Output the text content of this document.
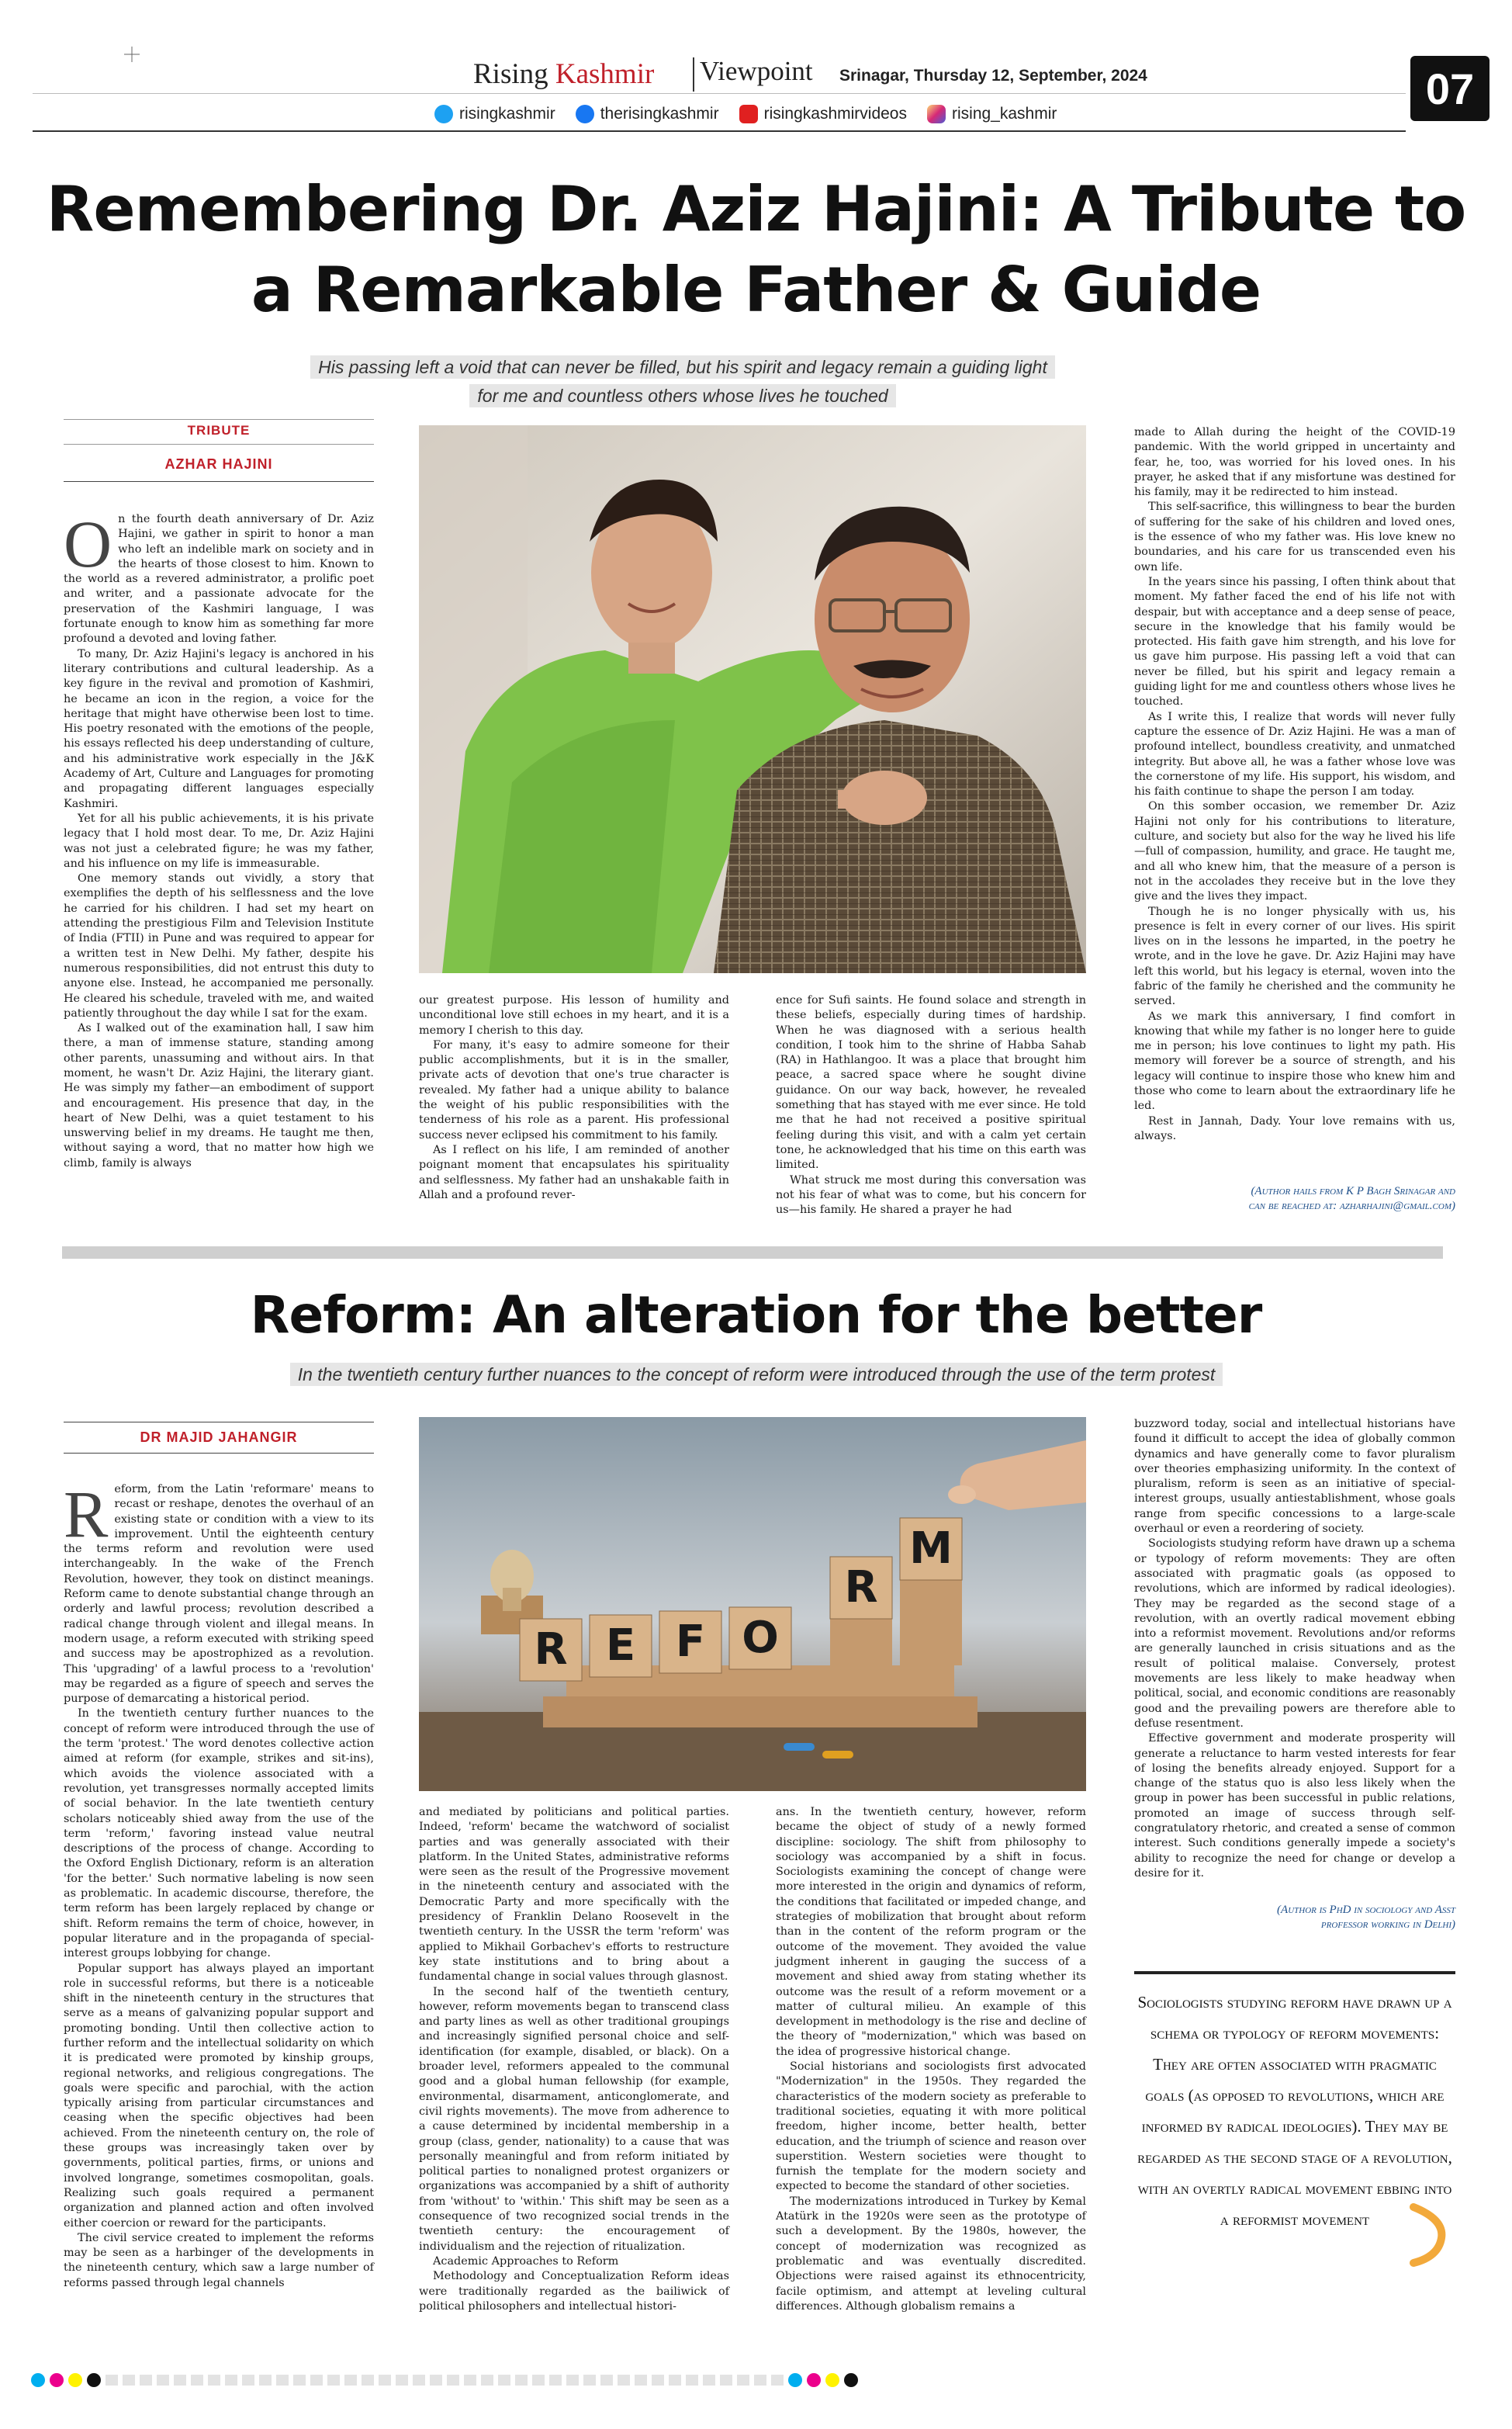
Rising Kashmir Viewpoint Srinagar, Thursday 12, September, 2024	07
risingkashmir	therisingkashmir	risingkashmirvideos	rising_kashmir
Remembering Dr. Aziz Hajini: A Tribute to
a Remarkable Father & Guide
His passing left a void that can never be filled, but his spirit and legacy remain a guiding light
for me and countless others whose lives he touched
TRIBUTE
AZHAR HAJINI
O n the fourth death anniversary of Dr. Aziz Hajini, we gather in spirit to honor a man who left an indelible mark on society and in the hearts of those closest to him. Known to the world as a revered administrator, a prolific poet and writer, and a passionate advocate for the preservation of the Kashmiri language, I was fortunate enough to know him as something far more profound a devoted and loving father.

To many, Dr. Aziz Hajini's legacy is anchored in his literary contributions and cultural leadership. As a key figure in the revival and promotion of Kashmiri, he became an icon in the region, a voice for the heritage that might have otherwise been lost to time. His poetry resonated with the emotions of the people, his essays reflected his deep understanding of culture, and his administrative work especially in the J&K Academy of Art, Culture and Languages for promoting and propagating different languages especially Kashmiri.

Yet for all his public achievements, it is his private legacy that I hold most dear. To me, Dr. Aziz Hajini was not just a celebrated figure; he was my father, and his influence on my life is immeasurable.

One memory stands out vividly, a story that exemplifies the depth of his selflessness and the love he carried for his children. I had set my heart on attending the prestigious Film and Television Institute of India (FTII) in Pune and was required to appear for a written test in New Delhi. My father, despite his numerous responsibilities, did not entrust this duty to anyone else. Instead, he accompanied me personally. He cleared his schedule, traveled with me, and waited patiently throughout the day while I sat for the exam.

As I walked out of the examination hall, I saw him there, a man of immense stature, standing among other parents, unassuming and without airs. In that moment, he wasn't Dr. Aziz Hajini, the literary giant. He was simply my father—an embodiment of support and encouragement. His presence that day, in the heart of New Delhi, was a quiet testament to his unswerving belief in my dreams. He taught me then, without saying a word, that no matter how high we climb, family is always

our greatest purpose. His lesson of humility and unconditional love still echoes in my heart, and it is a memory I cherish to this day.

For many, it's easy to admire someone for their public accomplishments, but it is in the smaller, private acts of devotion that one's true character is revealed. My father had a unique ability to balance the weight of his public responsibilities with the tenderness of his role as a parent. His professional success never eclipsed his commitment to his family.

As I reflect on his life, I am reminded of another poignant moment that encapsulates his spirituality and selflessness. My father had an unshakable faith in Allah and a profound rever-

ence for Sufi saints. He found solace and strength in these beliefs, especially during times of hardship. When he was diagnosed with a serious health condition, I took him to the shrine of Habba Sahab (RA) in Hathlangoo. It was a place that brought him peace, a sacred space where he sought divine guidance. On our way back, however, he revealed something that has stayed with me ever since. He told me that he had not received a positive spiritual feeling during this visit, and with a calm yet certain tone, he acknowledged that his time on this earth was limited.

What struck me most during this conversation was not his fear of what was to come, but his concern for us—his family. He shared a prayer he had

made to Allah during the height of the COVID-19 pandemic. With the world gripped in uncertainty and fear, he, too, was worried for his loved ones. In his prayer, he asked that if any misfortune was destined for his family, may it be redirected to him instead.

This self-sacrifice, this willingness to bear the burden of suffering for the sake of his children and loved ones, is the essence of who my father was. His love knew no boundaries, and his care for us transcended even his own life.

In the years since his passing, I often think about that moment. My father faced the end of his life not with despair, but with acceptance and a deep sense of peace, secure in the knowledge that his family would be protected. His faith gave him strength, and his love for us gave him purpose. His passing left a void that can never be filled, but his spirit and legacy remain a guiding light for me and countless others whose lives he touched.

As I write this, I realize that words will never fully capture the essence of Dr. Aziz Hajini. He was a man of profound intellect, boundless creativity, and unmatched integrity. But above all, he was a father whose love was the cornerstone of my life. His support, his wisdom, and his faith continue to shape the person I am today.

On this somber occasion, we remember Dr. Aziz Hajini not only for his contributions to literature, culture, and society but also for the way he lived his life—full of compassion, humility, and grace. He taught me, and all who knew him, that the measure of a person is not in the accolades they receive but in the love they give and the lives they impact.

Though he is no longer physically with us, his presence is felt in every corner of our lives. His spirit lives on in the lessons he imparted, in the poetry he wrote, and in the love he gave. Dr. Aziz Hajini may have left this world, but his legacy is eternal, woven into the fabric of the family he cherished and the community he served.

As we mark this anniversary, I find comfort in knowing that while my father is no longer here to guide me in person; his love continues to light my path. His memory will forever be a source of strength, and his legacy will continue to inspire those who knew him and those who come to learn about the extraordinary life he led.

Rest in Jannah, Dady. Your love remains with us, always.

(Author hails from K P Bagh Srinagar and
can be reached at: azharhajini@gmail.com)
Reform: An alteration for the better
In the twentieth century further nuances to the concept of reform were introduced through the use of the term protest
DR MAJID JAHANGIR
R eform, from the Latin 'reformare' means to recast or reshape, denotes the overhaul of an existing state or condition with a view to its improvement. Until the eighteenth century the terms reform and revolution were used interchangeably. In the wake of the French Revolution, however, they took on distinct meanings. Reform came to denote substantial change through an orderly and lawful process; revolution described a radical change through violent and illegal means. In modern usage, a reform executed with striking speed and success may be apostrophized as a revolution. This 'upgrading' of a lawful process to a 'revolution' may be regarded as a figure of speech and serves the purpose of demarcating a historical period.

In the twentieth century further nuances to the concept of reform were introduced through the use of the term 'protest.' The word denotes collective action aimed at reform (for example, strikes and sit-ins), which avoids the violence associated with a revolution, yet transgresses normally accepted limits of social behavior. In the late twentieth century scholars noticeably shied away from the use of the term 'reform,' favoring instead value neutral descriptions of the process of change. According to the Oxford English Dictionary, reform is an alteration 'for the better.' Such normative labeling is now seen as problematic. In academic discourse, therefore, the term reform has been largely replaced by change or shift. Reform remains the term of choice, however, in popular literature and in the propaganda of special-interest groups lobbying for change.

Popular support has always played an important role in successful reforms, but there is a noticeable shift in the nineteenth century in the structures that serve as a means of galvanizing popular support and promoting bonding. Until then collective action to further reform and the intellectual solidarity on which it is predicated were promoted by kinship groups, regional networks, and religious congregations. The goals were specific and parochial, with the action typically arising from particular circumstances and ceasing when the specific objectives had been achieved. From the nineteenth century on, the role of these groups was increasingly taken over by governments, political parties, firms, or unions and involved longrange, sometimes cosmopolitan, goals. Realizing such goals required a permanent organization and planned action and often involved either coercion or reward for the participants.

The civil service created to implement the reforms may be seen as a harbinger of the developments in the nineteenth century, which saw a large number of reforms passed through legal channels

R E F O
R
M

and mediated by politicians and political parties. Indeed, 'reform' became the watchword of socialist parties and was generally associated with their platform. In the United States, administrative reforms were seen as the result of the Progressive movement in the nineteenth century and associated with the Democratic Party and more specifically with the presidency of Franklin Delano Roosevelt in the twentieth century. In the USSR the term 'reform' was applied to Mikhail Gorbachev's efforts to restructure key state institutions and to bring about a fundamental change in social values through glasnost.

In the second half of the twentieth century, however, reform movements began to transcend class and party lines as well as other traditional groupings and increasingly signified personal choice and self-identification (for example, disabled, or black). On a broader level, reformers appealed to the communal good and a global human fellowship (for example, environmental, disarmament, anticonglomerate, and civil rights movements). The move from adherence to a cause determined by incidental membership in a group (class, gender, nationality) to a cause that was personally meaningful and from reform initiated by political parties to nonaligned protest organizers or organizations was accompanied by a shift of authority from 'without' to 'within.' This shift may be seen as a consequence of two recognized social trends in the twentieth century: the encouragement of individualism and the rejection of ritualization.

Academic Approaches to Reform

Methodology and Conceptualization Reform ideas were traditionally regarded as the bailiwick of political philosophers and intellectual histori-

ans. In the twentieth century, however, reform became the object of study of a newly formed discipline: sociology. The shift from philosophy to sociology was accompanied by a shift in focus. Sociologists examining the concept of change were more interested in the origin and dynamics of reform, the conditions that facilitated or impeded change, and strategies of mobilization that brought about reform than in the content of the reform program or the outcome of the movement. They avoided the value judgment inherent in gauging the success of a movement and shied away from stating whether its outcome was the result of a reform movement or a matter of cultural milieu. An example of this development in methodology is the rise and decline of the theory of "modernization," which was based on the idea of progressive historical change.

Social historians and sociologists first advocated "Modernization" in the 1950s. They regarded the characteristics of the modern society as preferable to traditional societies, equating it with more political freedom, higher income, better health, better education, and the triumph of science and reason over superstition. Western societies were thought to furnish the template for the modern society and expected to become the standard of other societies.

The modernizations introduced in Turkey by Kemal Atatürk in the 1920s were seen as the prototype of such a development. By the 1980s, however, the concept of modernization was recognized as problematic and was eventually discredited. Objections were raised against its ethnocentricity, facile optimism, and attempt at leveling cultural differences. Although globalism remains a

buzzword today, social and intellectual historians have found it difficult to accept the idea of globally common dynamics and have generally come to favor pluralism over theories emphasizing uniformity. In the context of pluralism, reform is seen as an initiative of special-interest groups, usually antiestablishment, whose goals range from specific concessions to a large-scale overhaul or even a reordering of society.

Sociologists studying reform have drawn up a schema or typology of reform movements: They are often associated with pragmatic goals (as opposed to revolutions, which are informed by radical ideologies). They may be regarded as the second stage of a revolution, with an overtly radical movement ebbing into a reformist movement. Revolutions and/or reforms are generally launched in crisis situations and as the result of political malaise. Conversely, protest movements are less likely to make headway when political, social, and economic conditions are reasonably good and the prevailing powers are therefore able to defuse resentment.

Effective government and moderate prosperity will generate a reluctance to harm vested interests for fear of losing the benefits already enjoyed. Support for a change of the status quo is also less likely when the group in power has been successful in public relations, promoted an image of success through self-congratulatory rhetoric, and created a sense of common interest. Such conditions generally impede a society's ability to recognize the need for change or develop a desire for it.

(Author is PhD in sociology and Asst
professor working in Delhi)
Sociologists studying reform have drawn up a schema or typology of reform movements: They are often associated with pragmatic goals (as opposed to revolutions, which are informed by radical ideologies). They may be regarded as the second stage of a revolution, with an overtly radical movement ebbing into a reformist movement
